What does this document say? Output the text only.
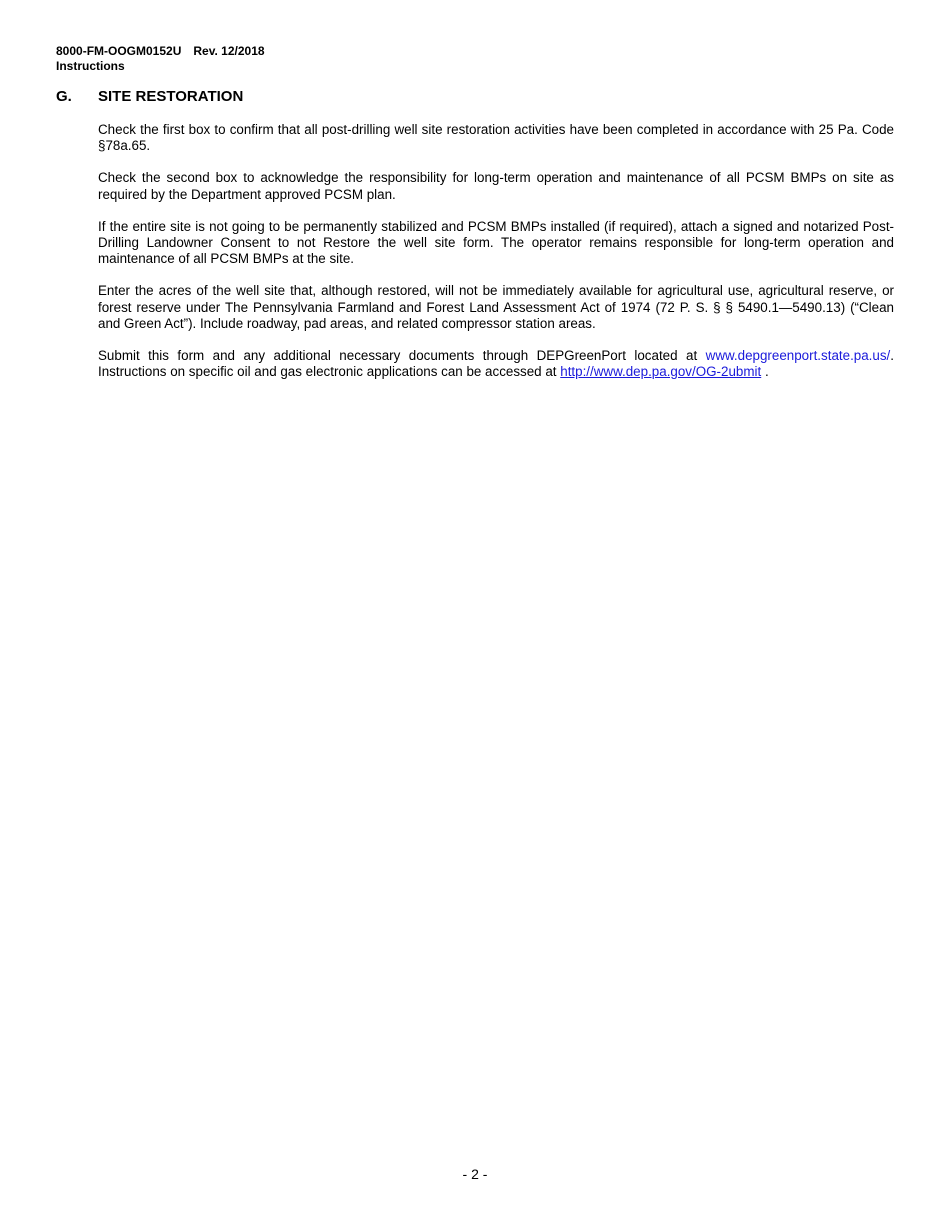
8000-FM-OOGM0152U Rev. 12/2018
Instructions
G. SITE RESTORATION

Check the first box to confirm that all post-drilling well site restoration activities have been completed in accordance with 25 Pa. Code §78a.65.

Check the second box to acknowledge the responsibility for long-term operation and maintenance of all PCSM BMPs on site as required by the Department approved PCSM plan.

If the entire site is not going to be permanently stabilized and PCSM BMPs installed (if required), attach a signed and notarized Post-Drilling Landowner Consent to not Restore the well site form. The operator remains responsible for long-term operation and maintenance of all PCSM BMPs at the site.

Enter the acres of the well site that, although restored, will not be immediately available for agricultural use, agricultural reserve, or forest reserve under The Pennsylvania Farmland and Forest Land Assessment Act of 1974 (72 P. S. § § 5490.1—5490.13) (“Clean and Green Act”). Include roadway, pad areas, and related compressor station areas.

Submit this form and any additional necessary documents through DEPGreenPort located at www.depgreenport.state.pa.us/. Instructions on specific oil and gas electronic applications can be accessed at http://www.dep.pa.gov/OG-2ubmit .

- 2 -
